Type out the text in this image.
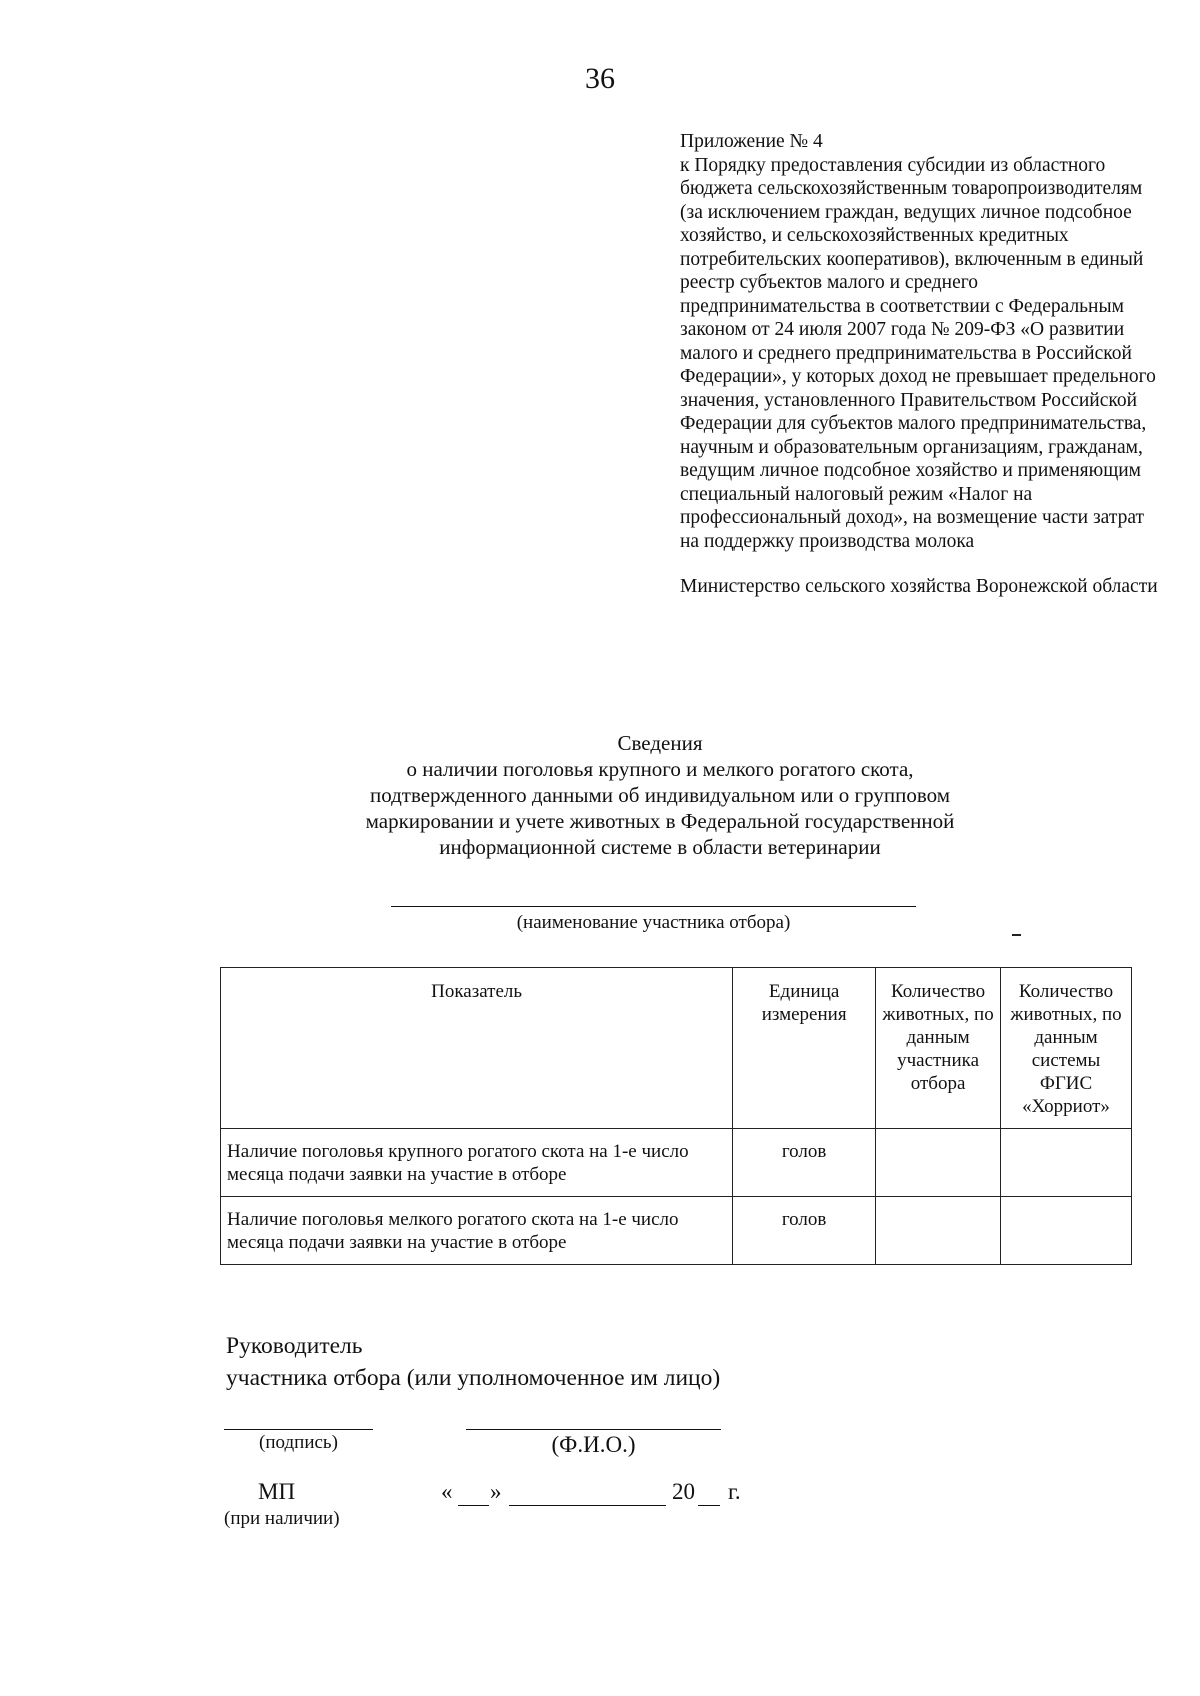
36

Приложение № 4

к Порядку предоставления субсидии из областного бюджета сельскохозяйственным товаропроизводителям (за исключением граждан, ведущих личное подсобное хозяйство, и сельскохозяйственных кредитных потребительских кооперативов), включенным в единый реестр субъектов малого и среднего предпринимательства в соответствии с Федеральным законом от 24 июля 2007 года № 209-ФЗ «О развитии малого и среднего предпринимательства в Российской Федерации», у которых доход не превышает предельного значения, установленного Правительством Российской Федерации для субъектов малого предпринимательства, научным и образовательным организациям, гражданам, ведущим личное подсобное хозяйство и применяющим специальный налоговый режим «Налог на профессиональный доход», на возмещение части затрат на поддержку производства молока

Министерство сельского хозяйства Воронежской области

Сведения

о наличии поголовья крупного и мелкого рогатого скота, подтвержденного данными об индивидуальном или о групповом маркировании и учете животных в Федеральной государственной информационной системе в области ветеринарии

(наименование участника отбора)
Показатель	Единица измерения	Количество животных, по данным участника отбора	Количество животных, по данным системы ФГИС «Хорриот»
Наличие поголовья крупного рогатого скота на 1-е число месяца подачи заявки на участие в отборе	голов		
Наличие поголовья мелкого рогатого скота на 1-е число месяца подачи заявки на участие в отборе	голов		

Руководитель

участника отбора (или уполномоченное им лицо)

(подпись)	(Ф.И.О.)
МП
(при наличии)
« »	20 г.
